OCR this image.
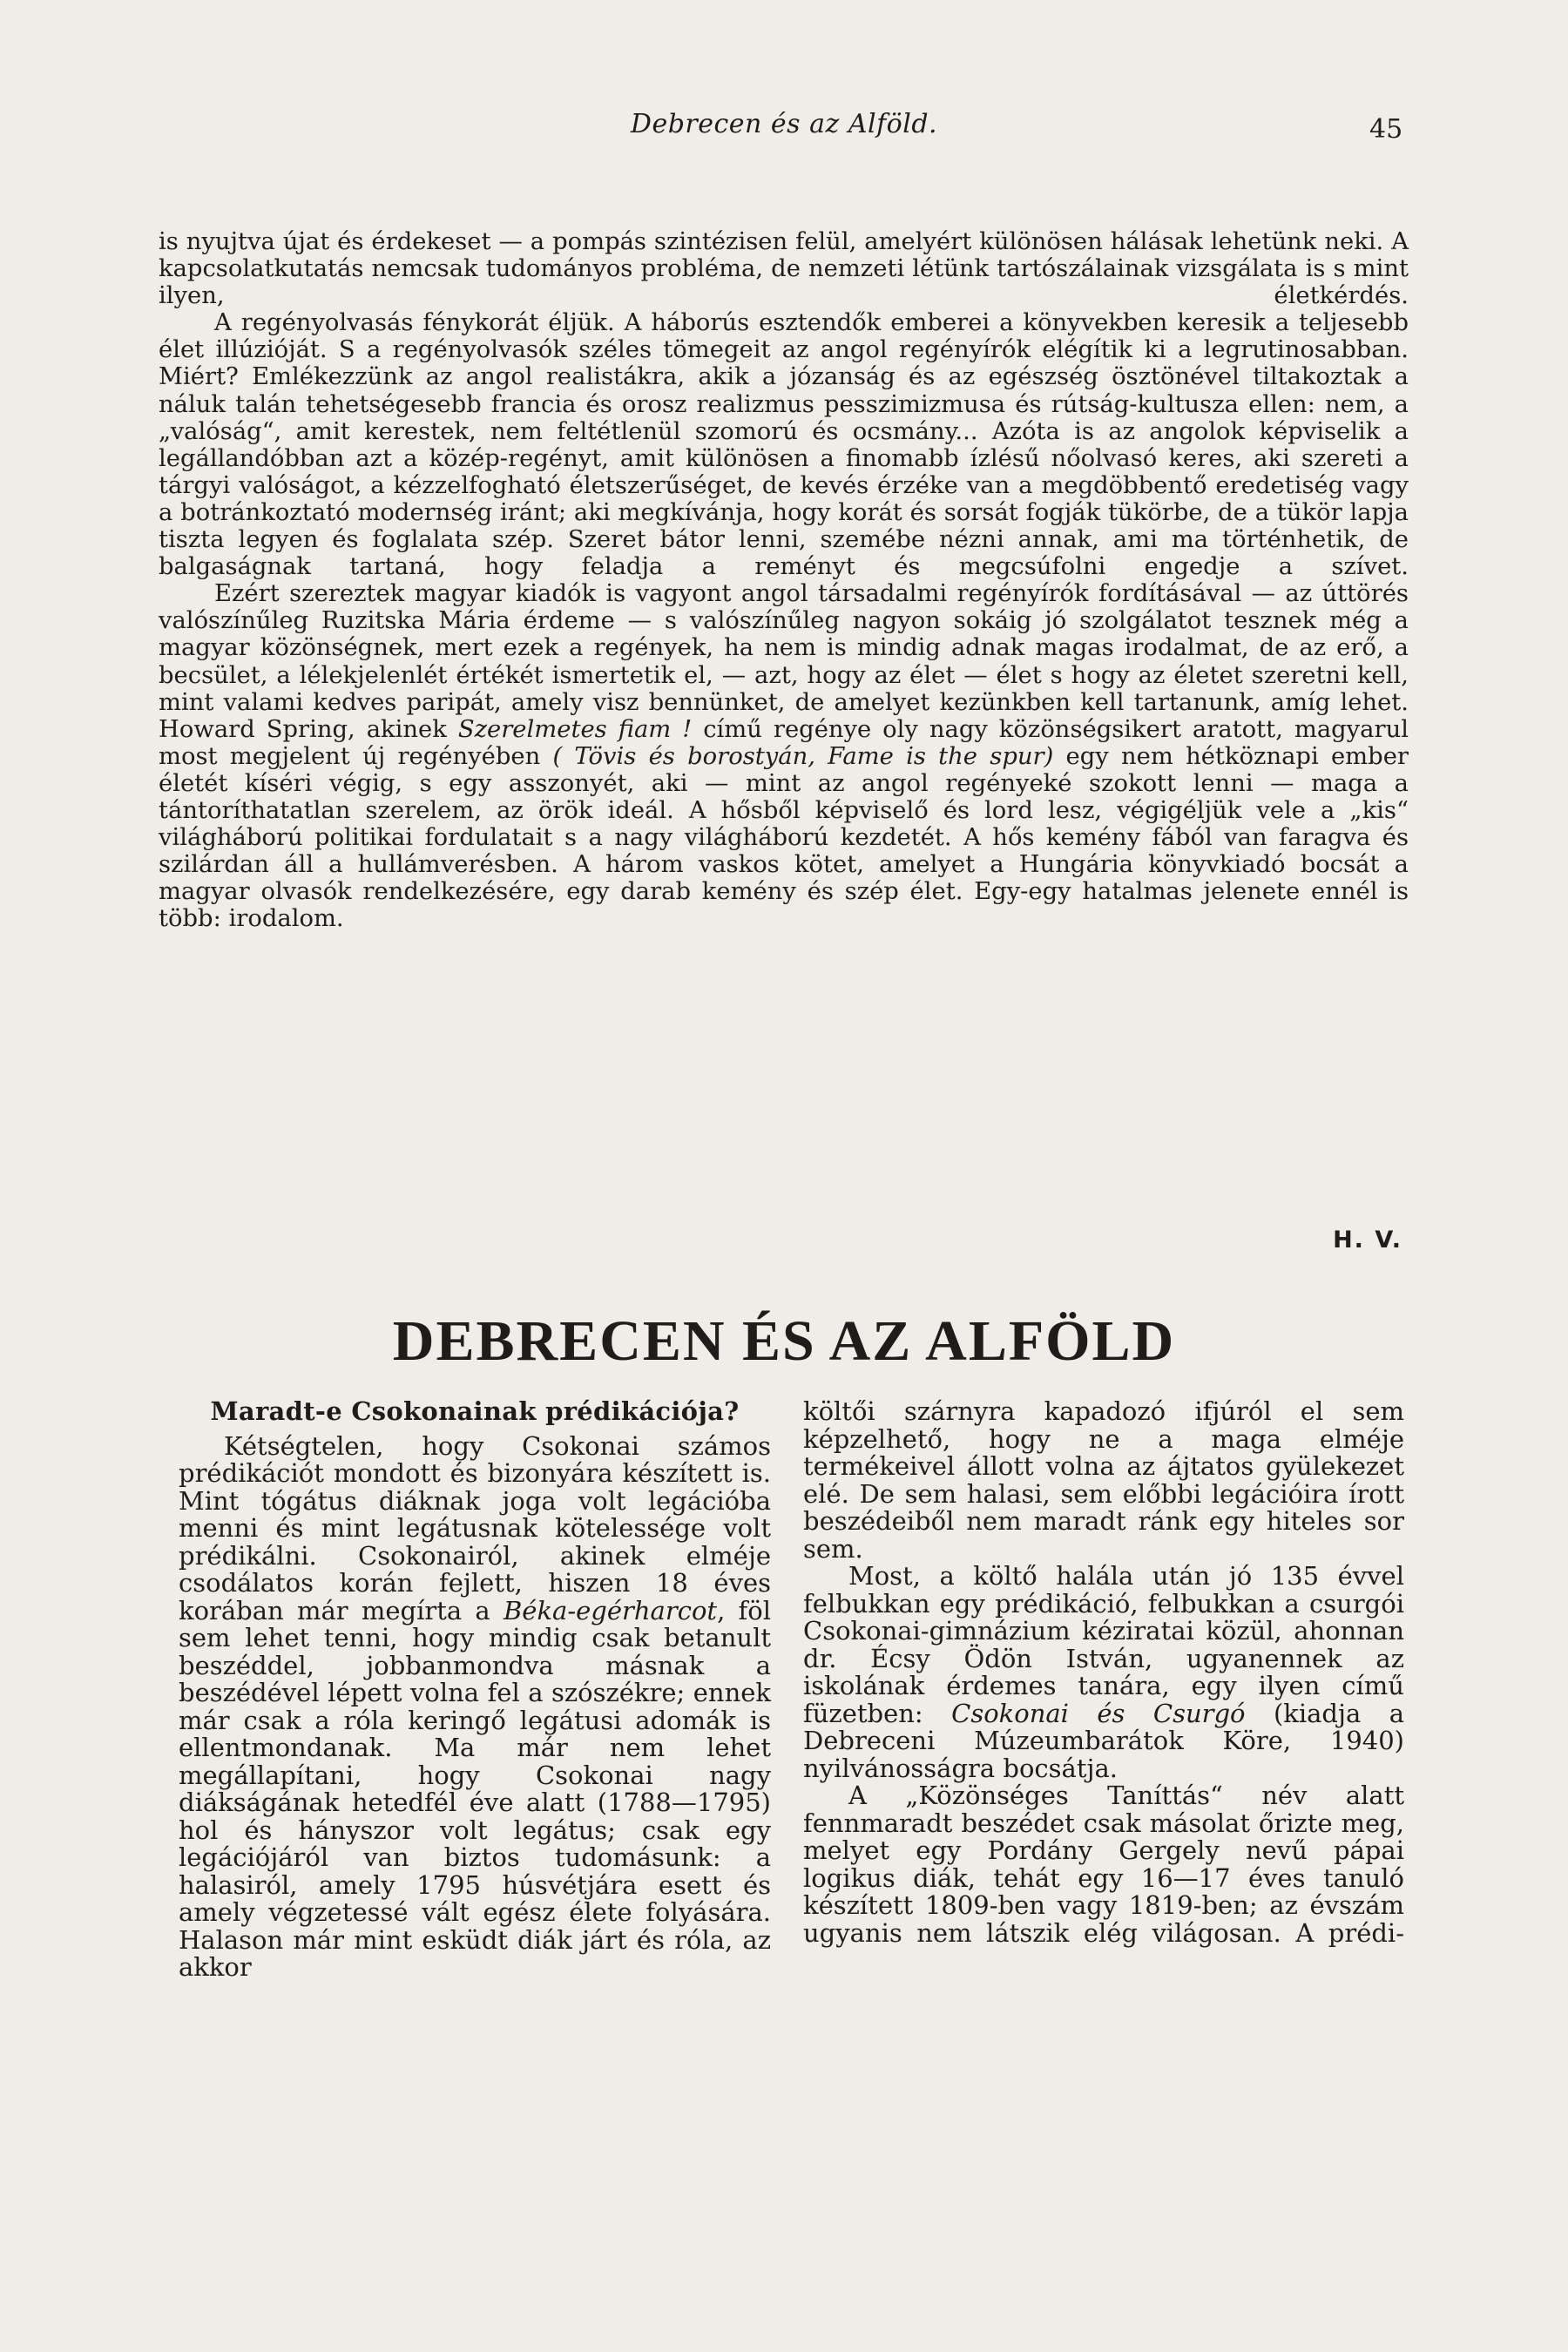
Debrecen és az Alföld.	45

is nyujtva újat és érdekeset — a pompás szintézisen felül, amelyért különösen hálásak lehetünk neki. A kapcsolatkutatás nemcsak tudományos probléma, de nemzeti létünk tartószálainak vizsgálata is s mint ilyen, életkérdés.

A regényolvasás fénykorát éljük. A háborús esztendők emberei a könyvekben keresik a teljesebb élet illúzióját. S a regényolvasók széles tömegeit az angol regényírók elégítik ki a legrutinosabban. Miért? Emlékezzünk az angol realistákra, akik a józanság és az egészség ösztönével tiltakoztak a náluk talán tehetségesebb francia és orosz realizmus pesszimizmusa és rútság-kultusza ellen: nem, a „valóság“, amit kerestek, nem feltétlenül szomorú és ocsmány... Azóta is az angolok képviselik a legállandóbban azt a közép-regényt, amit különösen a finomabb ízlésű nőolvasó keres, aki szereti a tárgyi valóságot, a kézzelfogható életszerűséget, de kevés érzéke van a megdöbbentő eredetiség vagy a botránkoztató modernség iránt; aki megkívánja, hogy korát és sorsát fogják tükörbe, de a tükör lapja tiszta legyen és foglalata szép. Szeret bátor lenni, szemébe nézni annak, ami ma történhetik, de balgaságnak tartaná, hogy feladja a reményt és megcsúfolni engedje a szívet.

Ezért szereztek magyar kiadók is vagyont angol társadalmi regényírók fordításával — az úttörés valószínűleg Ruzitska Mária érdeme — s valószínűleg nagyon sokáig jó szolgálatot tesznek még a magyar közönségnek, mert ezek a regények, ha nem is mindig adnak magas irodalmat, de az erő, a becsület, a lélekjelenlét értékét ismertetik el, — azt, hogy az élet — élet s hogy az életet szeretni kell, mint valami kedves paripát, amely visz bennünket, de amelyet kezünkben kell tartanunk, amíg lehet. Howard Spring, akinek Szerelmetes fiam ! című regénye oly nagy közönségsikert aratott, magyarul most megjelent új regényében ( Tövis és borostyán, Fame is the spur) egy nem hétköznapi ember életét kíséri végig, s egy asszonyét, aki — mint az angol regényeké szokott lenni — maga a tántoríthatatlan szerelem, az örök ideál. A hősből képviselő és lord lesz, végigéljük vele a „kis“ világháború politikai fordulatait s a nagy világháború kezdetét. A hős kemény fából van faragva és szilárdan áll a hullámverésben. A három vaskos kötet, amelyet a Hungária könyvkiadó bocsát a magyar olvasók rendelkezésére, egy darab kemény és szép élet. Egy-egy hatalmas jelenete ennél is több: irodalom.

H. V.
DEBRECEN ÉS AZ ALFÖLD

Maradt-e Csokonainak prédikációja?

Kétségtelen, hogy Csokonai számos prédikációt mondott és bizonyára készített is. Mint tógátus diáknak joga volt legációba menni és mint legátusnak kötelessége volt prédikálni. Csokonairól, akinek elméje csodálatos korán fejlett, hiszen 18 éves korában már megírta a Béka-egérharcot, föl sem lehet tenni, hogy mindig csak betanult beszéddel, jobbanmondva másnak a beszédével lépett volna fel a szószékre; ennek már csak a róla keringő legátusi adomák is ellentmondanak. Ma már nem lehet megállapítani, hogy Csokonai nagy diákságának hetedfél éve alatt (1788—1795) hol és hányszor volt legátus; csak egy legációjáról van biztos tudomásunk: a halasiról, amely 1795 húsvétjára esett és amely végzetessé vált egész élete folyására. Halason már mint esküdt diák járt és róla, az akkor

költői szárnyra kapadozó ifjúról el sem képzelhető, hogy ne a maga elméje termékeivel állott volna az ájtatos gyülekezet elé. De sem halasi, sem előbbi legációira írott beszédeiből nem maradt ránk egy hiteles sor sem.

Most, a költő halála után jó 135 évvel felbukkan egy prédikáció, felbukkan a csurgói Csokonai-gimnázium kéziratai közül, ahonnan dr. Écsy Ödön István, ugyanennek az iskolának érdemes tanára, egy ilyen című füzetben: Csokonai és Csurgó (kiadja a Debreceni Múzeumbarátok Köre, 1940) nyilvánosságra bocsátja.

A „Közönséges Taníttás“ név alatt fennmaradt beszédet csak másolat őrizte meg, melyet egy Pordány Gergely nevű pápai logikus diák, tehát egy 16—17 éves tanuló készített 1809-ben vagy 1819-ben; az évszám ugyanis nem látszik elég világosan. A prédi-
